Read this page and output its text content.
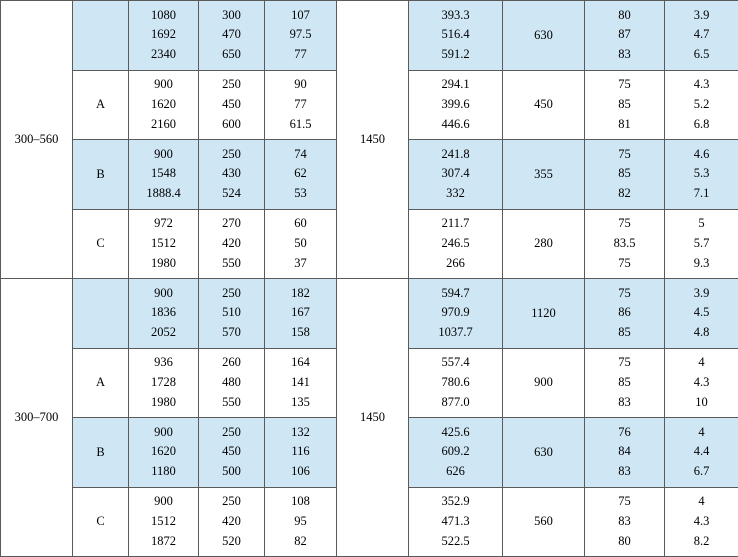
300–560		1080
1692
2340	300
470
650	107
97.5
77	1450	393.3
516.4
591.2	630	80
87
83	3.9
4.7
6.5

	A	900
1620
2160	250
450
600	90
77
61.5		294.1
399.6
446.6	450	75
85
81	4.3
5.2
6.8

	B	900
1548
1888.4	250
430
524	74
62
53		241.8
307.4
332	355	75
85
82	4.6
5.3
7.1

	C	972
1512
1980	270
420
550	60
50
37		211.7
246.5
266	280	75
83.5
75	5
5.7
9.3

300–700		900
1836
2052	250
510
570	182
167
158	1450	594.7
970.9
1037.7	1120	75
86
85	3.9
4.5
4.8

	A	936
1728
1980	260
480
550	164
141
135		557.4
780.6
877.0	900	75
85
83	4
4.3
10

	B	900
1620
1180	250
450
500	132
116
106		425.6
609.2
626	630	76
84
83	4
4.4
6.7

	C	900
1512
1872	250
420
520	108
95
82		352.9
471.3
522.5	560	75
83
80	4
4.3
8.2
